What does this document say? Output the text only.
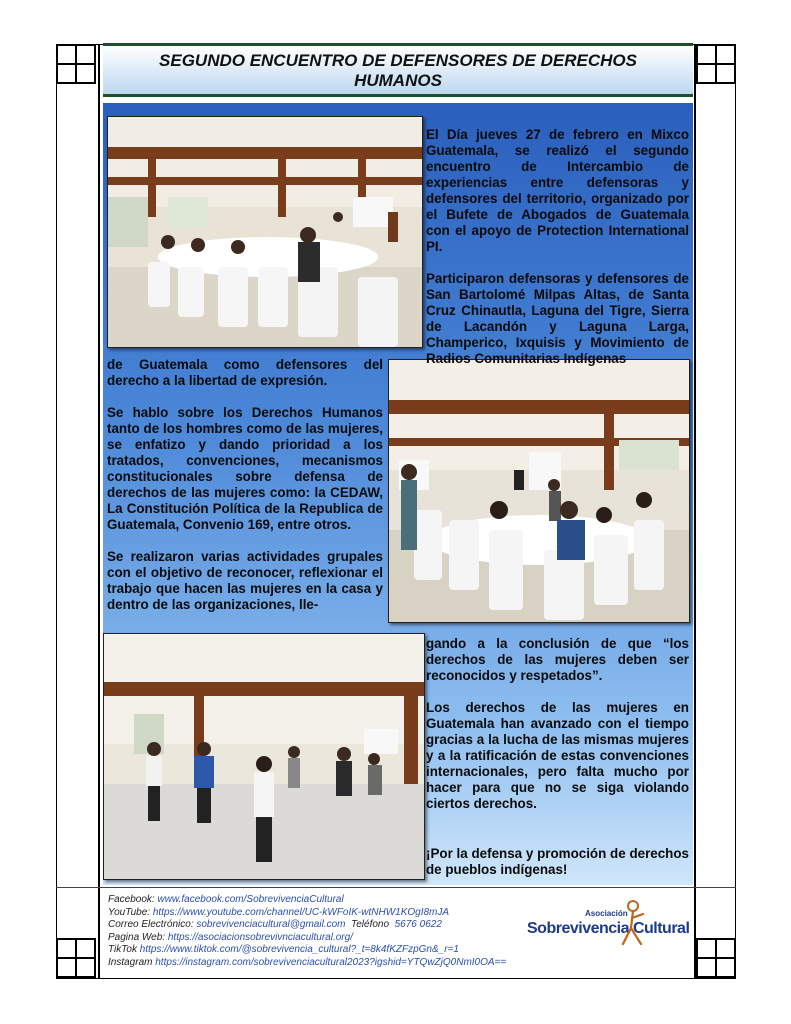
SEGUNDO ENCUENTRO DE DEFENSORES DE DERECHOS
HUMANOS

El Día jueves 27 de febrero en Mixco Guatemala, se realizó el segundo encuentro de Intercambio de experiencias entre defensoras y defensores del territorio, organizado por el Bufete de Abogados de Guatemala con el apoyo de Protection International PI.

Participaron defensoras y defensores de San Bartolomé Milpas Altas, de Santa Cruz Chinautla, Laguna del Tigre, Sierra de Lacandón y Laguna Larga, Champerico, Ixquisis y Movimiento de Radios Comunitarias Indígenas

de Guatemala como defensores del derecho a la libertad de expresión.

Se hablo sobre los Derechos Humanos tanto de los hombres como de las mujeres, se enfatizo y dando prioridad a los tratados, convenciones, mecanismos constitucionales sobre defensa de derechos de las mujeres como: la CEDAW, La Constitución Política de la Republica de Guatemala, Convenio 169, entre otros.

Se realizaron varias actividades grupales con el objetivo de reconocer, reflexionar el trabajo que hacen las mujeres en la casa y dentro de las organizaciones, lle-

gando a la conclusión de que “los derechos de las mujeres deben ser reconocidos y respetados”.

Los derechos de las mujeres en Guatemala han avanzado con el tiempo gracias a la lucha de las mismas mujeres y a la ratificación de estas convenciones internacionales, pero falta mucho por hacer para que no se siga violando ciertos derechos.

¡Por la defensa y promoción de derechos de pueblos indígenas!

Facebook: www.facebook.com/SobrevivenciaCultural
YouTube: https://www.youtube.com/channel/UC-kWFoIK-wtNHW1KOgI8mJA
Correo Electrónico: sobrevivenciacultural@gmail.com  Teléfono  5676 0622
Pagina Web: https://asociacionsobrevivnciacultural.org/
TikTok https://www.tiktok.com/@sobrevivencia_cultural?_t=8k4fKZFzpGn&_r=1
Instagram https://instagram.com/sobrevivenciacultural2023?igshid=YTQwZjQ0NmI0OA==
Asociación
Sobrevivencia Cultural
